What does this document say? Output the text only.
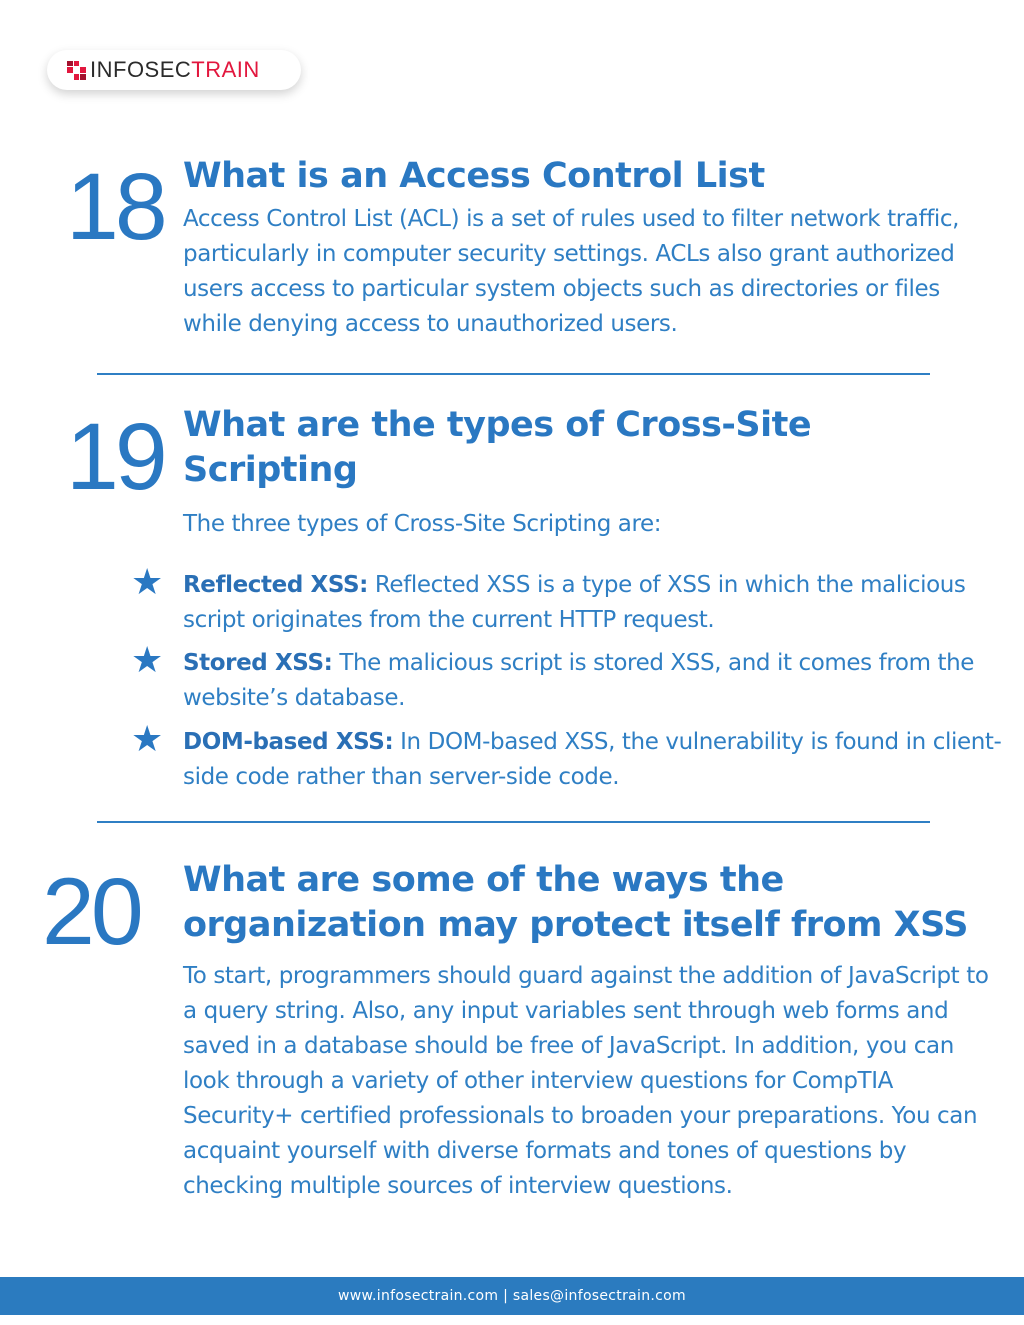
INFOSECTRAIN
18 What is an Access Control List

Access Control List (ACL) is a set of rules used to filter network traffic, particularly in computer security settings. ACLs also grant authorized users access to particular system objects such as directories or files while denying access to unauthorized users.

19 What are the types of Cross-Site Scripting

The three types of Cross-Site Scripting are:

★ Reflected XSS: Reflected XSS is a type of XSS in which the malicious script originates from the current HTTP request.
★ Stored XSS: The malicious script is stored XSS, and it comes from the website’s database.
★ DOM-based XSS: In DOM-based XSS, the vulnerability is found in client-side code rather than server-side code.
20 What are some of the ways the organization may protect itself from XSS

To start, programmers should guard against the addition of JavaScript to a query string. Also, any input variables sent through web forms and saved in a database should be free of JavaScript. In addition, you can look through a variety of other interview questions for CompTIA Security+ certified professionals to broaden your preparations. You can acquaint yourself with diverse formats and tones of questions by checking multiple sources of interview questions.

www.infosectrain.com | sales@infosectrain.com
